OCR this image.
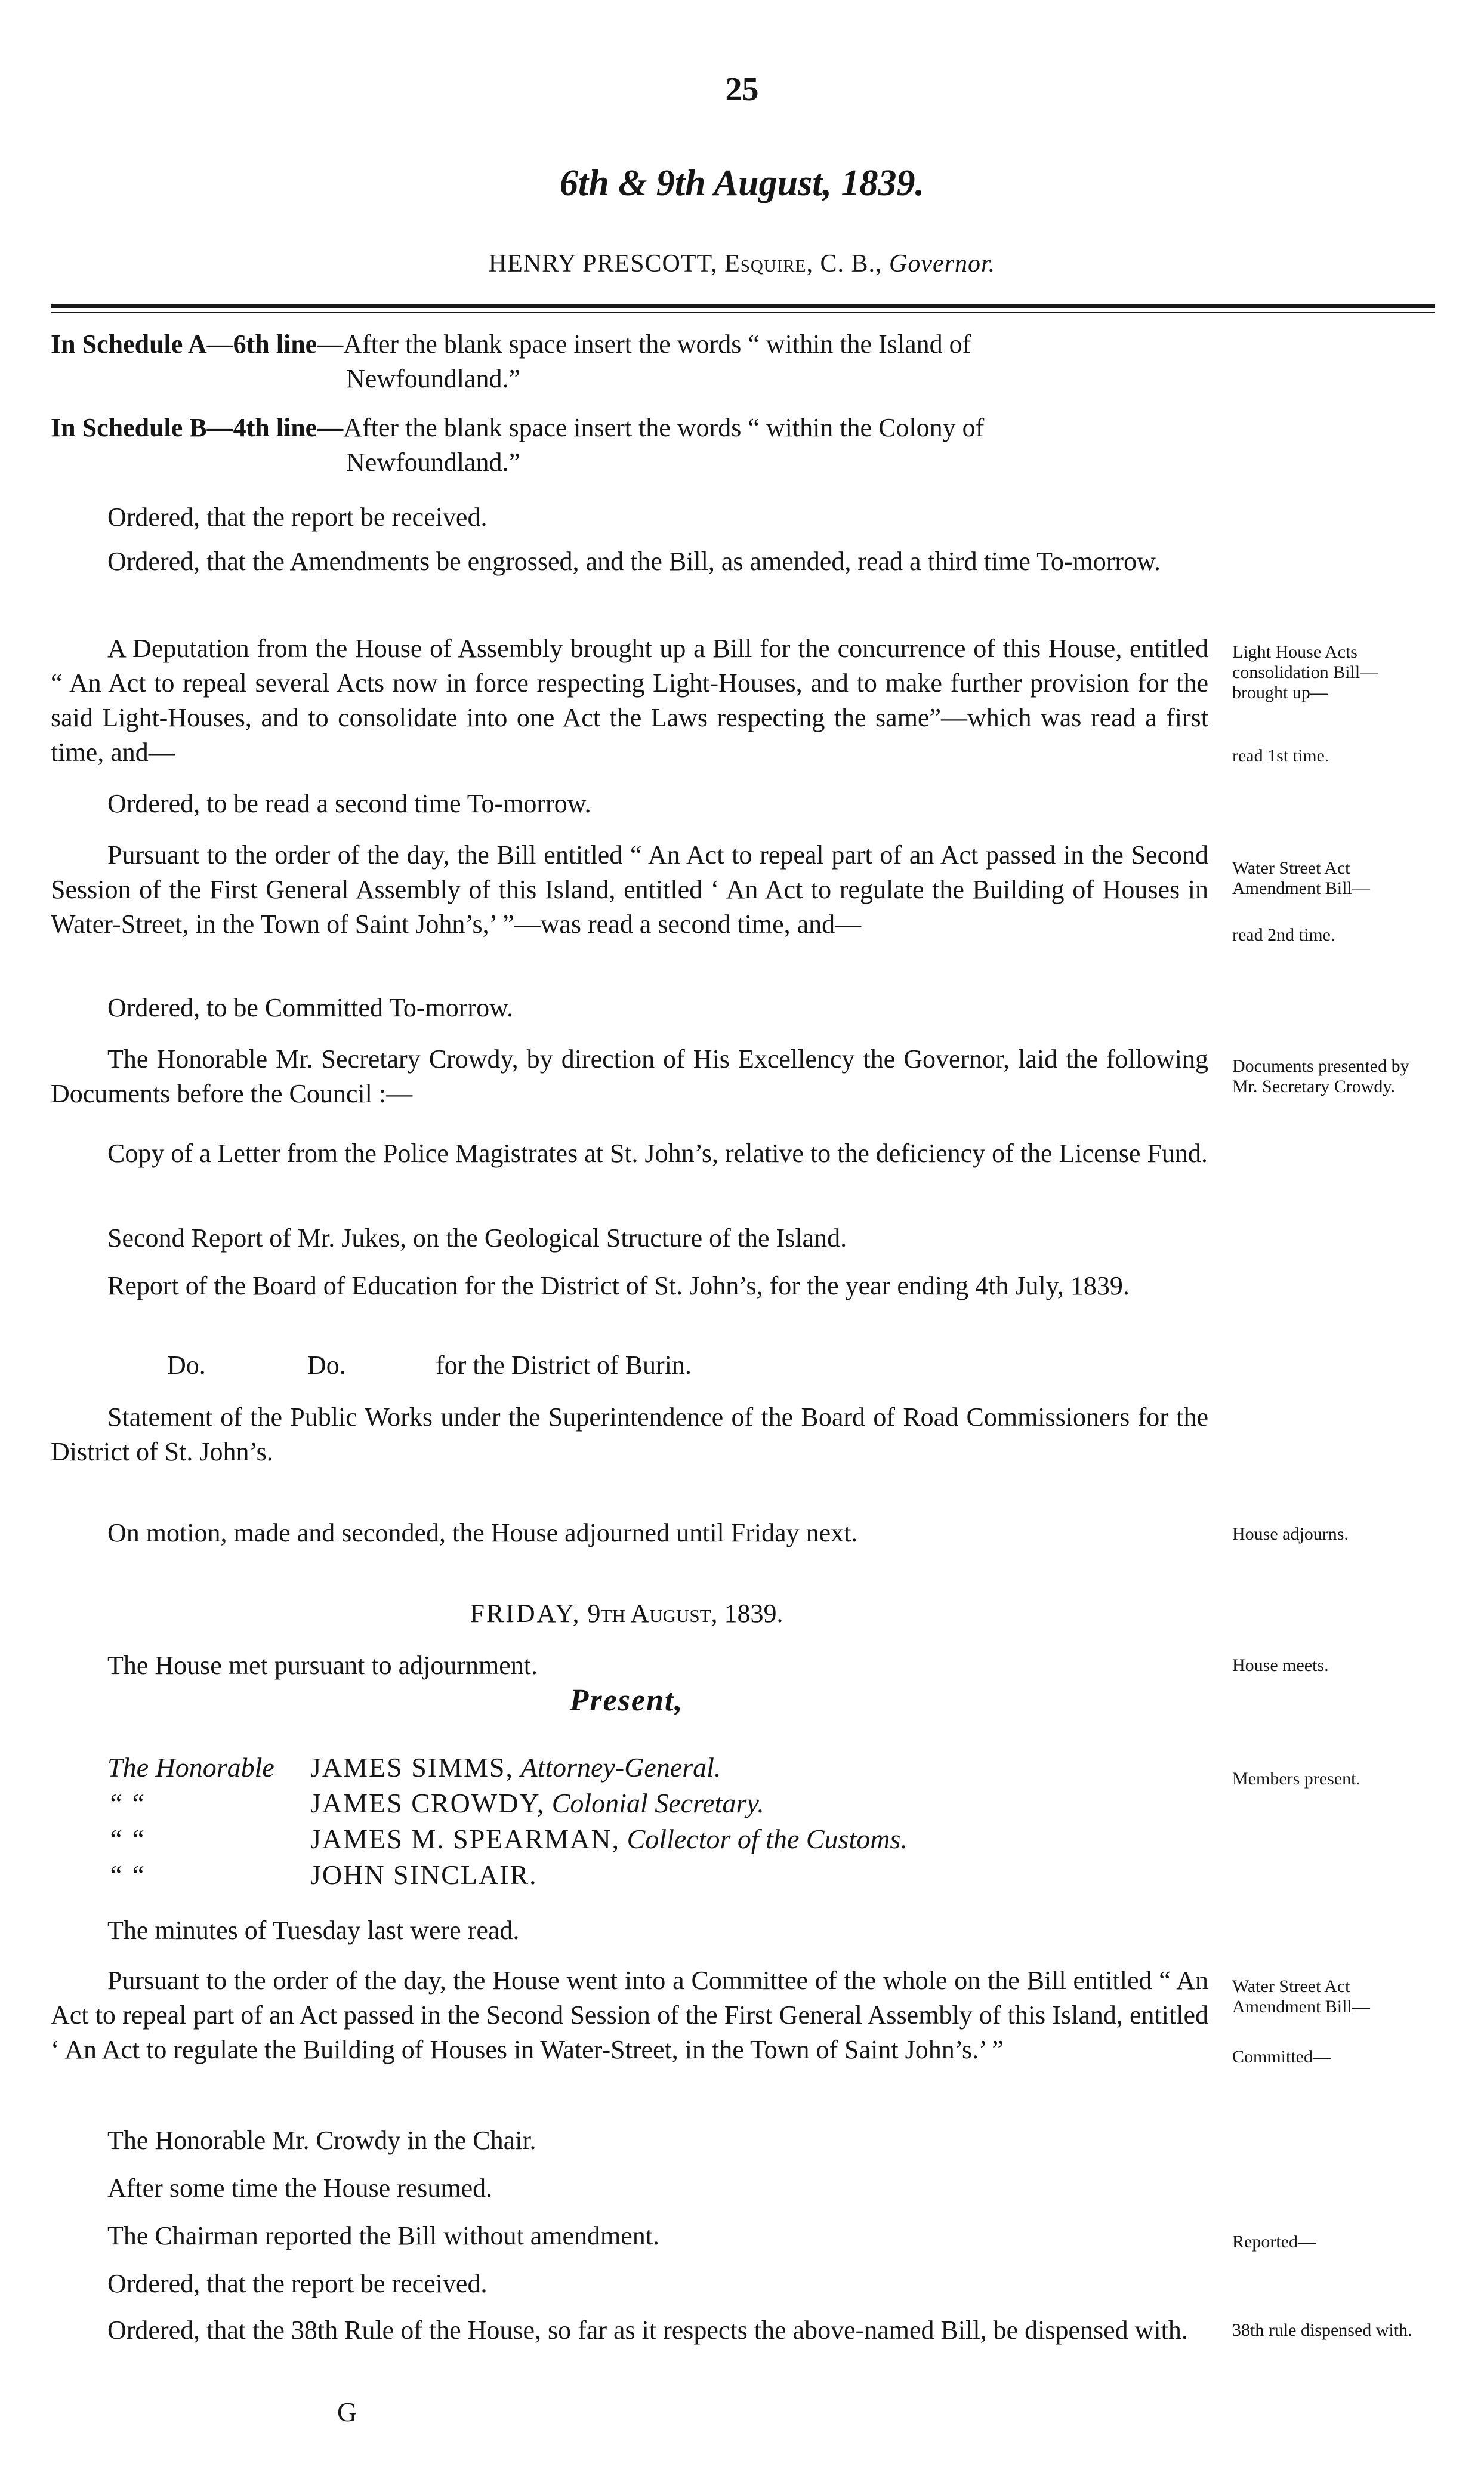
25
6th & 9th August, 1839.
HENRY PRESCOTT, Esquire, C. B., Governor.
In Schedule A—6th line—After the blank space insert the words “ within the Island of
Newfoundland.”
In Schedule B—4th line—After the blank space insert the words “ within the Colony of
Newfoundland.”
Ordered, that the report be received.
Ordered, that the Amendments be engrossed, and the Bill, as amended, read a third time To-morrow.
A Deputation from the House of Assembly brought up a Bill for the concurrence of this House, entitled “ An Act to repeal several Acts now in force respecting Light-Houses, and to make further provision for the said Light-Houses, and to consolidate into one Act the Laws respecting the same”—which was read a first time, and—
Ordered, to be read a second time To-morrow.
Pursuant to the order of the day, the Bill entitled “ An Act to repeal part of an Act passed in the Second Session of the First General Assembly of this Island, entitled ‘ An Act to regulate the Building of Houses in Water-Street, in the Town of Saint John’s,’ ”—was read a second time, and—
Ordered, to be Committed To-morrow.
The Honorable Mr. Secretary Crowdy, by direction of His Excellency the Governor, laid the following Documents before the Council :—
Copy of a Letter from the Police Magistrates at St. John’s, relative to the deficiency of the License Fund.
Second Report of Mr. Jukes, on the Geological Structure of the Island.
Report of the Board of Education for the District of St. John’s, for the year ending 4th July, 1839.
Do.	Do.	for the District of Burin.
Statement of the Public Works under the Superintendence of the Board of Road Commissioners for the District of St. John’s.
On motion, made and seconded, the House adjourned until Friday next.
FRIDAY, 9th August, 1839.
The House met pursuant to adjournment.
Present,
The Honorable JAMES SIMMS, Attorney-General.
“ “	JAMES CROWDY, Colonial Secretary.
“ “	JAMES M. SPEARMAN, Collector of the Customs.
“ “	JOHN SINCLAIR.
The minutes of Tuesday last were read.
Pursuant to the order of the day, the House went into a Committee of the whole on the Bill entitled “ An Act to repeal part of an Act passed in the Second Session of the First General Assembly of this Island, entitled ‘ An Act to regulate the Building of Houses in Water-Street, in the Town of Saint John’s.’ ”
The Honorable Mr. Crowdy in the Chair.
After some time the House resumed.
The Chairman reported the Bill without amendment.
Ordered, that the report be received.
Ordered, that the 38th Rule of the House, so far as it respects the above-named Bill, be dispensed with.
Light House Acts consolidation Bill—brought up—
read 1st time.
Water Street Act Amendment Bill—
read 2nd time.
Documents presented by Mr. Secretary Crowdy.
House adjourns.
House meets.
Members present.
Water Street Act Amendment Bill—
Committed—
Reported—
38th rule dispensed with.
G
